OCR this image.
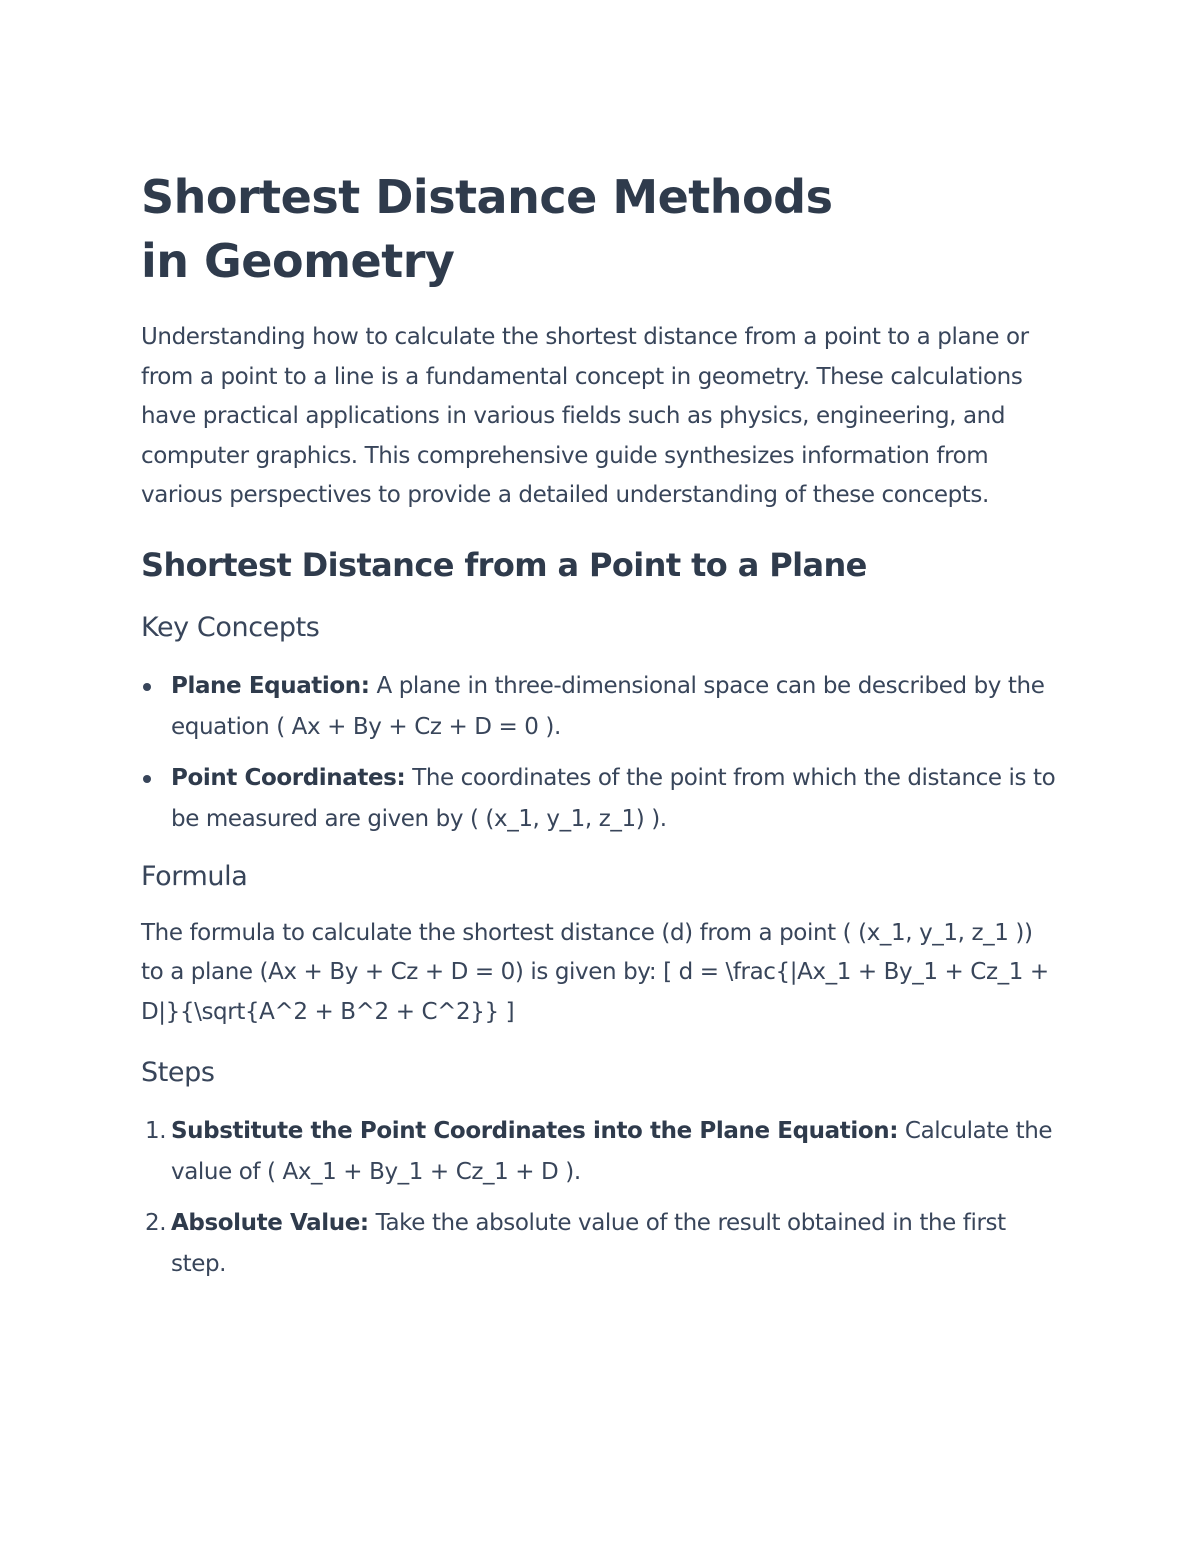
Shortest Distance Methods in Geometry

Understanding how to calculate the shortest distance from a point to a plane or from a point to a line is a fundamental concept in geometry. These calculations have practical applications in various fields such as physics, engineering, and computer graphics. This comprehensive guide synthesizes information from various perspectives to provide a detailed understanding of these concepts.

Shortest Distance from a Point to a Plane
Key Concepts
Plane Equation: A plane in three-dimensional space can be described by the equation ( Ax + By + Cz + D = 0 ).
Point Coordinates: The coordinates of the point from which the distance is to be measured are given by ( (x_1, y_1, z_1) ).
Formula

The formula to calculate the shortest distance (d) from a point ( (x_1, y_1, z_1 )) to a plane (Ax + By + Cz + D = 0) is given by: [ d = \frac{|Ax_1 + By_1 + Cz_1 + D|}{\sqrt{A^2 + B^2 + C^2}} ]

Steps
1. Substitute the Point Coordinates into the Plane Equation: Calculate the value of ( Ax_1 + By_1 + Cz_1 + D ).
2. Absolute Value: Take the absolute value of the result obtained in the first step.
